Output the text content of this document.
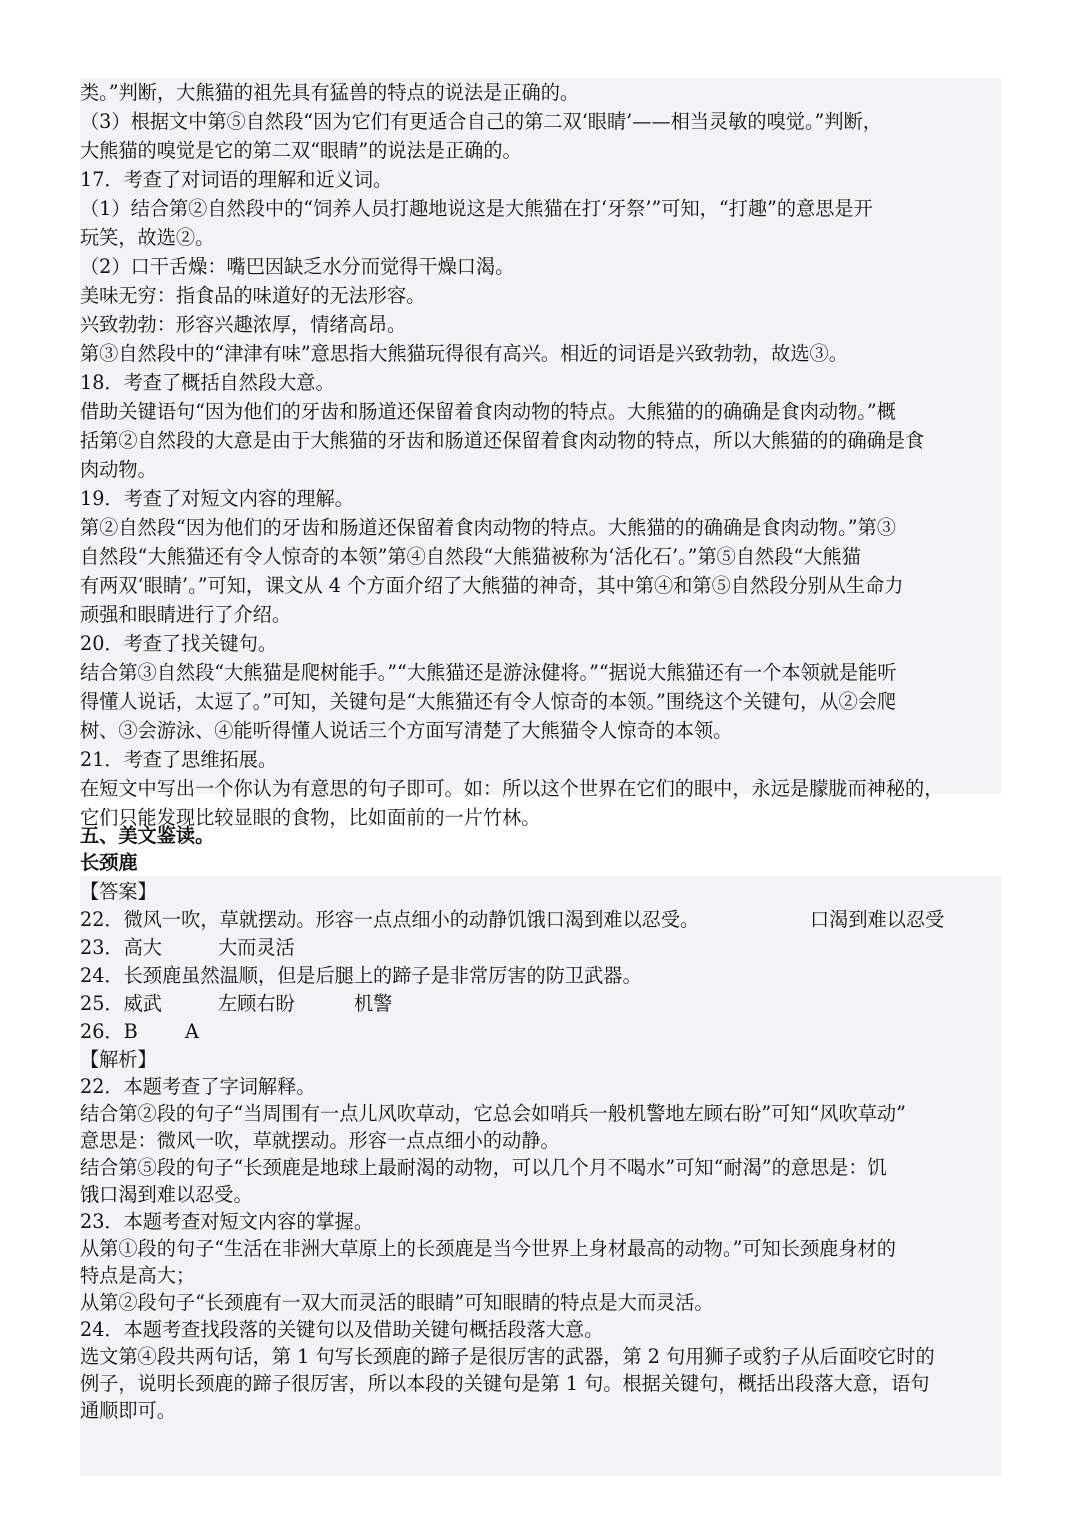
类。”判断，大熊猫的祖先具有猛兽的特点的说法是正确的。
（3）根据文中第⑤自然段“因为它们有更适合自己的第二双‘眼睛’——相当灵敏的嗅觉。”判断，
大熊猫的嗅觉是它的第二双“眼睛”的说法是正确的。
17．考查了对词语的理解和近义词。
（1）结合第②自然段中的“饲养人员打趣地说这是大熊猫在打‘牙祭’”可知，“打趣”的意思是开
玩笑，故选②。
（2）口干舌燥：嘴巴因缺乏水分而觉得干燥口渴。
美味无穷：指食品的味道好的无法形容。
兴致勃勃：形容兴趣浓厚，情绪高昂。
第③自然段中的“津津有味”意思指大熊猫玩得很有高兴。相近的词语是兴致勃勃，故选③。
18．考查了概括自然段大意。
借助关键语句“因为他们的牙齿和肠道还保留着食肉动物的特点。大熊猫的的确确是食肉动物。”概
括第②自然段的大意是由于大熊猫的牙齿和肠道还保留着食肉动物的特点，所以大熊猫的的确确是食
肉动物。
19．考查了对短文内容的理解。
第②自然段“因为他们的牙齿和肠道还保留着食肉动物的特点。大熊猫的的确确是食肉动物。”第③
自然段“大熊猫还有令人惊奇的本领”第④自然段“大熊猫被称为‘活化石’。”第⑤自然段“大熊猫
有两双‘眼睛’。”可知，课文从 4 个方面介绍了大熊猫的神奇，其中第④和第⑤自然段分别从生命力
顽强和眼睛进行了介绍。
20．考查了找关键句。
结合第③自然段“大熊猫是爬树能手。”“大熊猫还是游泳健将。”“据说大熊猫还有一个本领就是能听
得懂人说话，太逗了。”可知，关键句是“大熊猫还有令人惊奇的本领。”围绕这个关键句，从②会爬
树、③会游泳、④能听得懂人说话三个方面写清楚了大熊猫令人惊奇的本领。
21．考查了思维拓展。
在短文中写出一个你认为有意思的句子即可。如：所以这个世界在它们的眼中，永远是朦胧而神秘的，
它们只能发现比较显眼的食物，比如面前的一片竹林。
五、美文鉴读。
长颈鹿
【答案】
22．微风一吹，草就摆动。形容一点点细小的动静饥饿口渴到难以忍受。	口渴到难以忍受
23．高大	大而灵活
24．长颈鹿虽然温顺，但是后腿上的蹄子是非常厉害的防卫武器。
25．威武	左顾右盼	机警
26．B A
【解析】
22．本题考查了字词解释。
结合第②段的句子“当周围有一点儿风吹草动，它总会如哨兵一般机警地左顾右盼”可知“风吹草动”
意思是：微风一吹，草就摆动。形容一点点细小的动静。
结合第⑤段的句子“长颈鹿是地球上最耐渴的动物，可以几个月不喝水”可知“耐渴”的意思是：饥
饿口渴到难以忍受。
23．本题考查对短文内容的掌握。
从第①段的句子“生活在非洲大草原上的长颈鹿是当今世界上身材最高的动物。”可知长颈鹿身材的
特点是高大；
从第②段句子“长颈鹿有一双大而灵活的眼睛”可知眼睛的特点是大而灵活。
24．本题考查找段落的关键句以及借助关键句概括段落大意。
选文第④段共两句话，第 1 句写长颈鹿的蹄子是很厉害的武器，第 2 句用狮子或豹子从后面咬它时的
例子，说明长颈鹿的蹄子很厉害，所以本段的关键句是第 1 句。根据关键句，概括出段落大意，语句
通顺即可。
